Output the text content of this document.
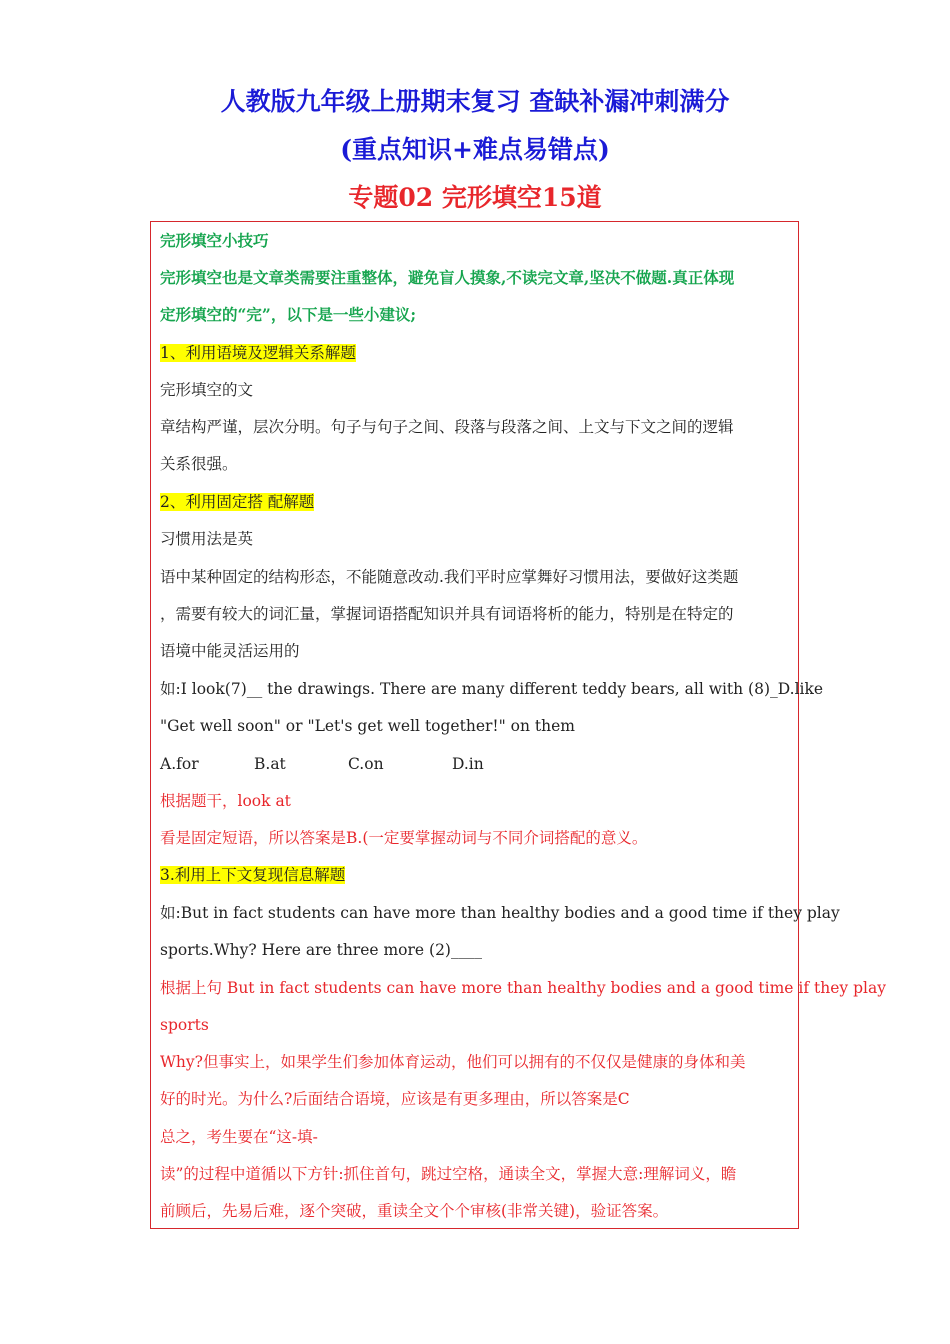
人教版九年级上册期末复习 查缺补漏冲刺满分
(重点知识+难点易错点)
专题02 完形填空15道
完形填空小技巧
完形填空也是文章类需要注重整体，避免盲人摸象,不读完文章,坚决不做题.真正体现
定形填空的“完”，以下是一些小建议;
1、利用语境及逻辑关系解题
完形填空的文
章结构严谨，层次分明。句子与句子之间、段落与段落之间、上文与下文之间的逻辑
关系很强。
2、利用固定搭 配解题
习惯用法是英
语中某种固定的结构形态，不能随意改动.我们平时应掌舞好习惯用法，要做好这类题
，需要有较大的词汇量，掌握词语搭配知识并具有词语将析的能力，特别是在特定的
语境中能灵活运用的
如:I look(7)__ the drawings. There are many different teddy bears, all with (8)_D.like
"Get well soon" or "Let's get well together!" on them
A.for	B.at	C.on	D.in
根据题干，look at
看是固定短语，所以答案是B.(一定要掌握动词与不同介词搭配的意义。
3.利用上下文复现信息解题
如:But in fact students can have more than healthy bodies and a good time if they play
sports.Why? Here are three more (2)____
根据上句 But in fact students can have more than healthy bodies and a good time if they play
sports
Why?但事实上，如果学生们参加体育运动，他们可以拥有的不仅仅是健康的身体和美
好的时光。为什么?后面结合语境，应该是有更多理由，所以答案是C
总之，考生要在“这-填-
读”的过程中道循以下方针:抓住首句，跳过空格，通读全文，掌握大意:理解词义，瞻
前顾后，先易后难，逐个突破，重读全文个个审核(非常关键)，验证答案。
